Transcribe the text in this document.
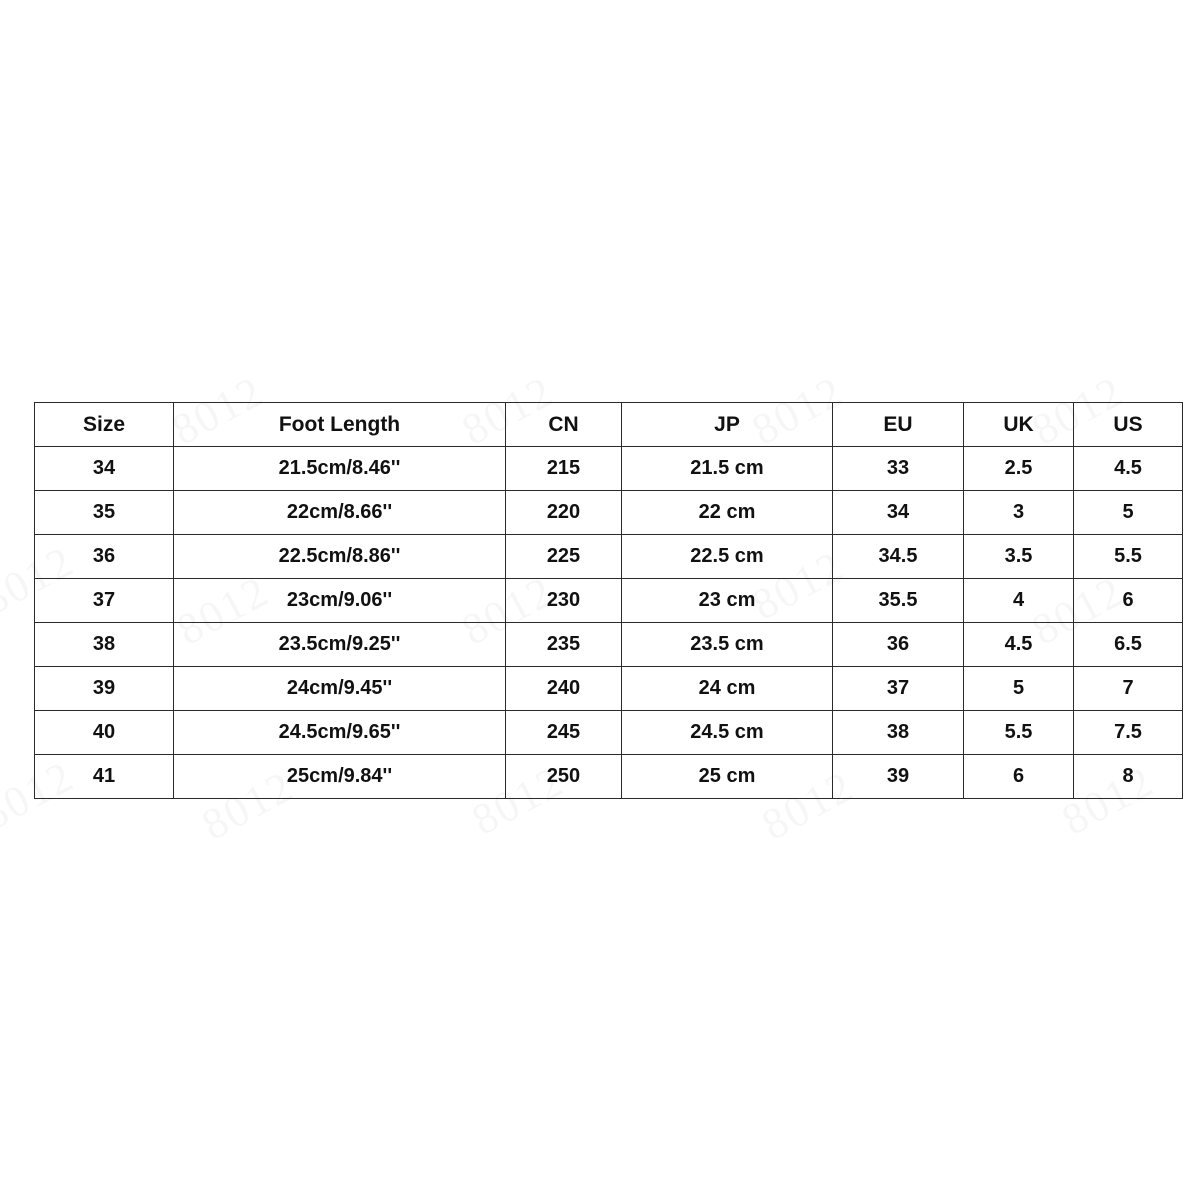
Size	Foot Length	CN	JP	EU	UK	US
34	21.5cm/8.46''	215	21.5 cm	33	2.5	4.5
35	22cm/8.66''	220	22 cm	34	3	5
36	22.5cm/8.86''	225	22.5 cm	34.5	3.5	5.5
37	23cm/9.06''	230	23 cm	35.5	4	6
38	23.5cm/9.25''	235	23.5 cm	36	4.5	6.5
39	24cm/9.45''	240	24 cm	37	5	7
40	24.5cm/9.65''	245	24.5 cm	38	5.5	7.5
41	25cm/9.84''	250	25 cm	39	6	8
